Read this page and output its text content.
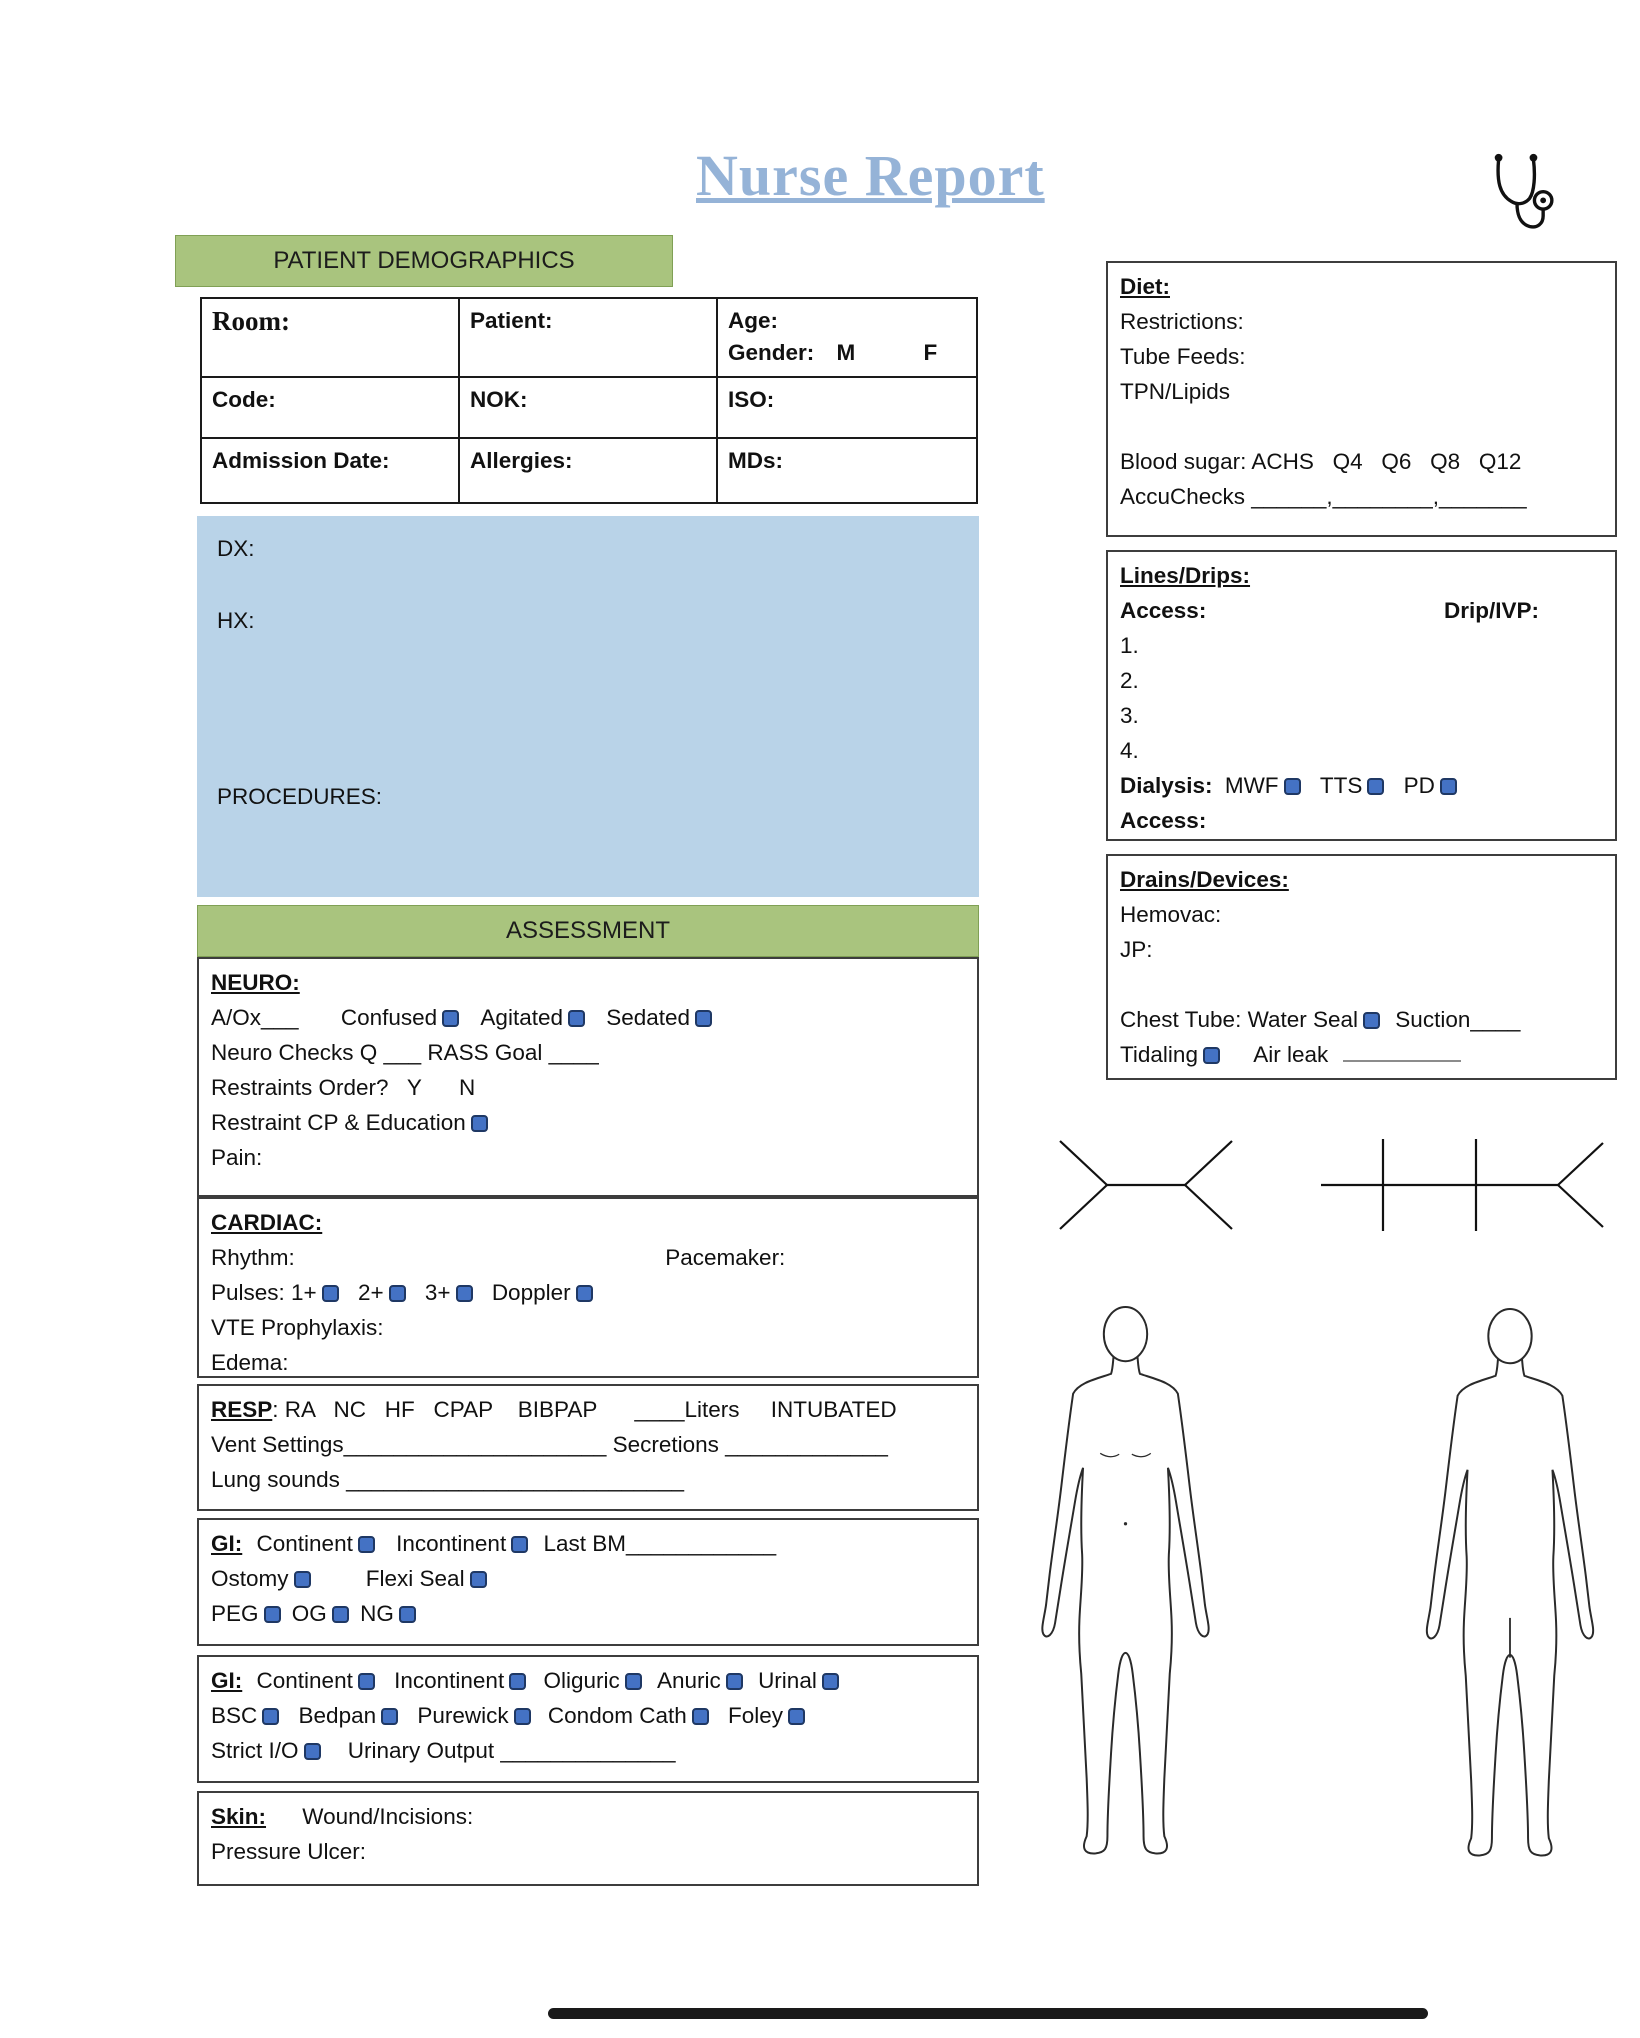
Nurse Report
PATIENT DEMOGRAPHICS
Room:	Patient:	Age:
Gender: M	F
Code:	NOK:	ISO:
Admission Date:	Allergies:	MDs:
DX:
HX:
PROCEDURES:
ASSESSMENT
NEURO:
A/Ox___ Confused Agitated Sedated
Neuro Checks Q ___ RASS Goal ____
Restraints Order?   Y      N
Restraint CP & Education
Pain:
CARDIAC:
Rhythm:	Pacemaker:
Pulses: 1+ 2+ 3+ Doppler
VTE Prophylaxis:
Edema:
RESP: RA   NC   HF   CPAP    BIBPAP      ____Liters     INTUBATED
Vent Settings_____________________ Secretions _____________
Lung sounds ___________________________
GI: Continent Incontinent Last BM____________
Ostomy	Flexi Seal
PEG OG NG
GI: Continent Incontinent Oliguric Anuric Urinal
BSC Bedpan Purewick Condom Cath Foley
Strict I/O Urinary Output ______________
Skin: Wound/Incisions:
Pressure Ulcer:
Diet:
Restrictions:
Tube Feeds:
TPN/Lipids
Blood sugar: ACHS   Q4   Q6   Q8   Q12
AccuChecks ______,________,_______
Lines/Drips:
Access:	Drip/IVP:
1.
2.
3.
4.
Dialysis: MWF TTS PD
Access:
Drains/Devices:
Hemovac:
JP:
Chest Tube: Water Seal Suction____
Tidaling Air leak
